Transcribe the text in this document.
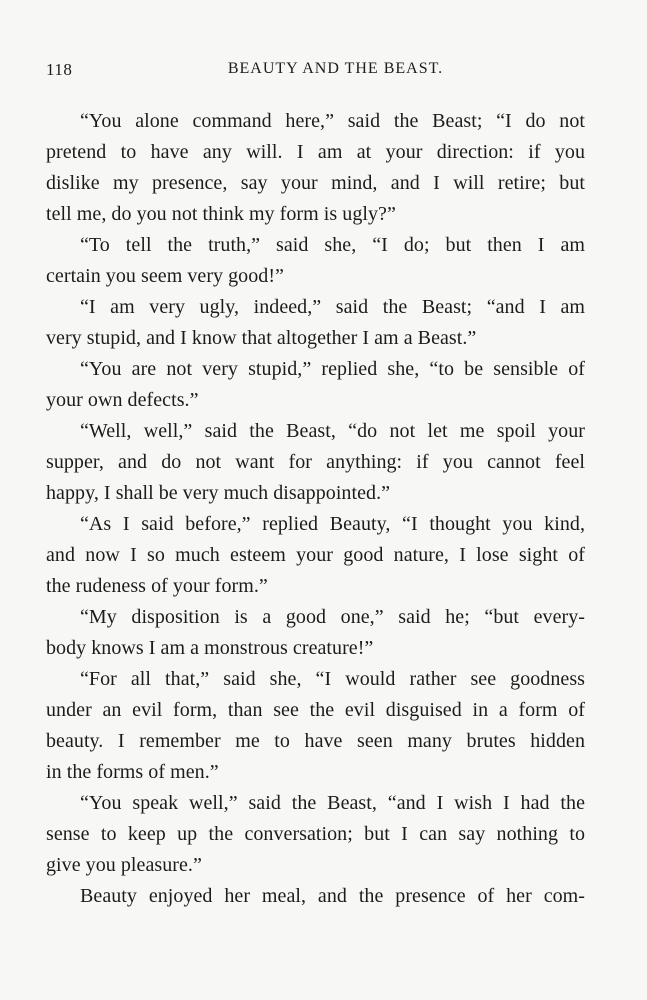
118	BEAUTY AND THE BEAST.
“You alone command here,” said the Beast; “I do not
pretend to have any will. I am at your direction: if you
dislike my presence, say your mind, and I will retire; but
tell me, do you not think my form is ugly?”
“To tell the truth,” said she, “I do; but then I am
certain you seem very good!”
“I am very ugly, indeed,” said the Beast; “and I am
very stupid, and I know that altogether I am a Beast.”
“You are not very stupid,” replied she, “to be sensible of
your own defects.”
“Well, well,” said the Beast, “do not let me spoil your
supper, and do not want for anything: if you cannot feel
happy, I shall be very much disappointed.”
“As I said before,” replied Beauty, “I thought you kind,
and now I so much esteem your good nature, I lose sight of
the rudeness of your form.”
“My disposition is a good one,” said he; “but every-
body knows I am a monstrous creature!”
“For all that,” said she, “I would rather see goodness
under an evil form, than see the evil disguised in a form of
beauty. I remember me to have seen many brutes hidden
in the forms of men.”
“You speak well,” said the Beast, “and I wish I had the
sense to keep up the conversation; but I can say nothing to
give you pleasure.”
Beauty enjoyed her meal, and the presence of her com-
